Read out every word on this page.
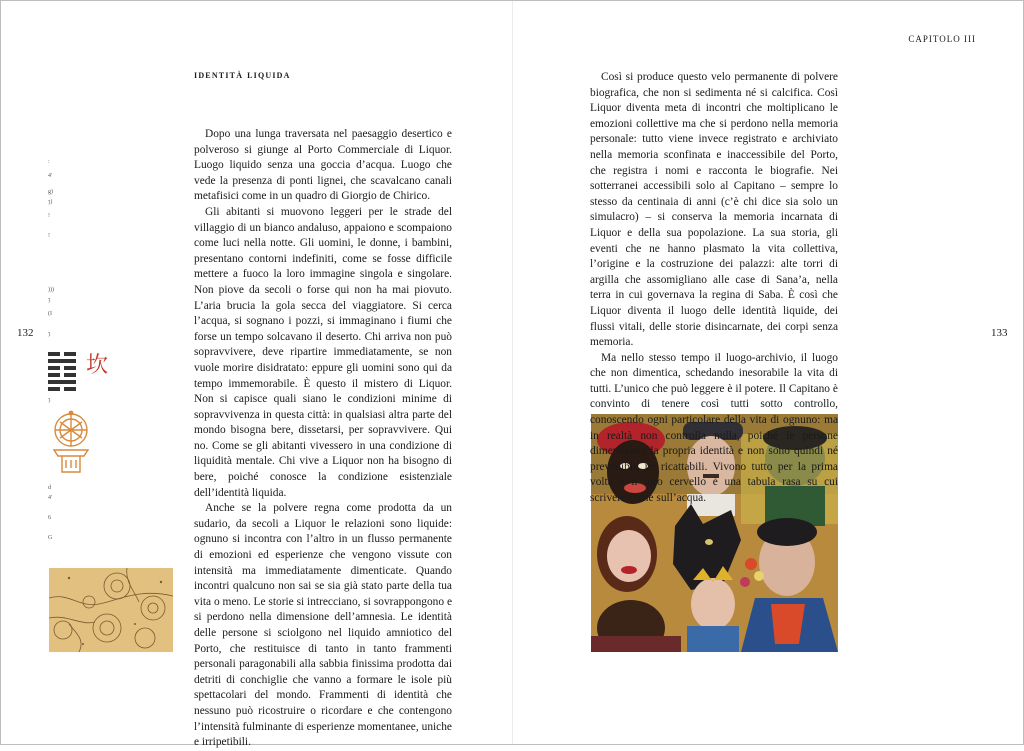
CAPITOLO III
identità liquida
132	133
:
4′
g)
ȝ)
!
!
)))
ȝ
(I
ȝ
ȝ
d
4′
6
G
坎

Dopo una lunga traversata nel paesaggio desertico e polveroso si giunge al Porto Commerciale di Liquor. Luogo liquido senza una goccia d’acqua. Luogo che vede la presenza di ponti lignei, che scavalcano canali metafisici come in un quadro di Giorgio de Chirico.

Gli abitanti si muovono leggeri per le strade del villaggio di un bianco andaluso, appaiono e scompaiono come luci nella notte. Gli uomini, le donne, i bambini, presentano contorni indefiniti, come se fosse difficile mettere a fuoco la loro immagine singola e singolare. Non piove da secoli o forse qui non ha mai piovuto. L’aria brucia la gola secca del viaggiatore. Si cerca l’acqua, si sognano i pozzi, si immaginano i fiumi che forse un tempo solcavano il deserto. Chi arriva non può sopravvivere, deve ripartire immediatamente, se non vuole morire disidratato: eppure gli uomini sono qui da tempo immemorabile. È questo il mistero di Liquor. Non si capisce quali siano le condizioni minime di sopravvivenza in questa città: in qualsiasi altra parte del mondo bisogna bere, dissetarsi, per sopravvivere. Qui no. Come se gli abitanti vivessero in una condizione di liquidità mentale. Chi vive a Liquor non ha bisogno di bere, poiché conosce la condizione esistenziale dell’identità liquida.

Anche se la polvere regna come prodotta da un sudario, da secoli a Liquor le relazioni sono liquide: ognuno si incontra con l’altro in un flusso permanente di emozioni ed esperienze che vengono vissute con intensità ma immediatamente dimenticate. Quando incontri qualcuno non sai se sia già stato parte della tua vita o meno. Le storie si intrecciano, si sovrappongono e si perdono nella dimensione dell’amnesia. Le identità delle persone si sciolgono nel liquido amniotico del Porto, che restituisce di tanto in tanto frammenti personali paragonabili alla sabbia finissima prodotta dai detriti di conchiglie che vanno a formare le isole più spettacolari del mondo. Frammenti di identità che nessuno può ricostruire o ricordare e che contengono l’intensità fulminante di esperienze momentanee, uniche e irripetibili.

Così si produce questo velo permanente di polvere biografica, che non si sedimenta né si calcifica. Così Liquor diventa meta di incontri che moltiplicano le emozioni collettive ma che si perdono nella memoria personale: tutto viene invece registrato e archiviato nella memoria sconfinata e inaccessibile del Porto, che registra i nomi e racconta le biografie. Nei sotterranei accessibili solo al Capitano – sempre lo stesso da centinaia di anni (c’è chi dice sia solo un simulacro) – si conserva la memoria incarnata di Liquor e della sua popolazione. La sua storia, gli eventi che ne hanno plasmato la vita collettiva, l’origine e la costruzione dei palazzi: alte torri di argilla che assomigliano alle case di Sana’a, nella terra in cui governava la regina di Saba. È così che Liquor diventa il luogo delle identità liquide, dei flussi vitali, delle storie disincarnate, dei corpi senza memoria.

Ma nello stesso tempo il luogo-archivio, il luogo che non dimentica, schedando inesorabile la vita di tutti. L’unico che può leggere è il potere. Il Capitano è convinto di tenere così tutti sotto controllo, conoscendo ogni particolare della vita di ognuno: ma in realtà non controlla nulla, poiché le persone dimenticano la propria identità e non sono quindi né prevedibili né ricattabili. Vivono tutto per la prima volta e il loro cervello è una tabula rasa su cui scrivere come sull’acqua.
